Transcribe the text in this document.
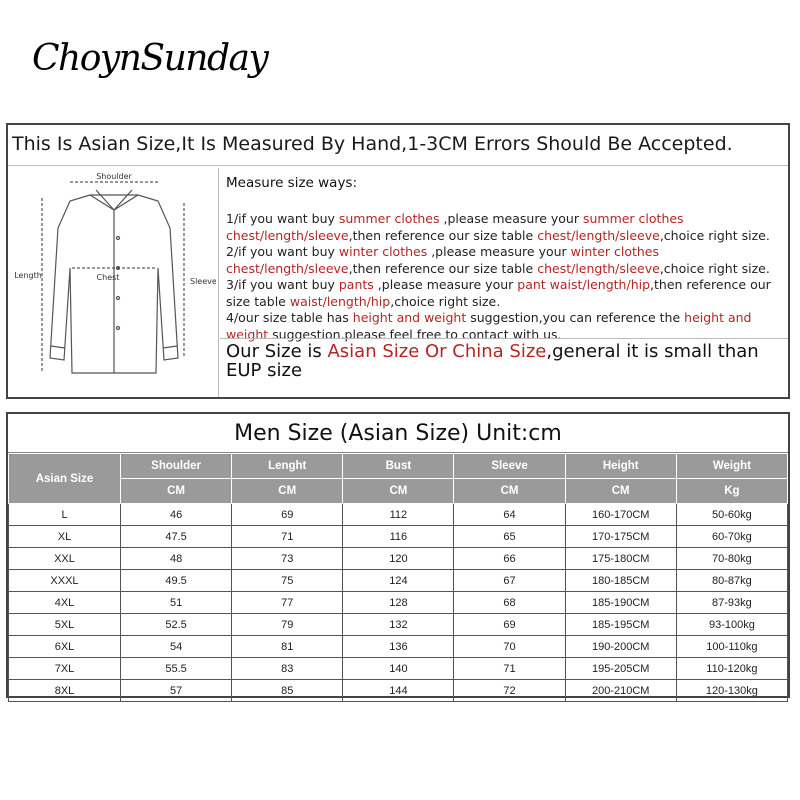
ChoynSunday
This Is Asian Size,It Is Measured By Hand,1-3CM Errors Should Be Accepted.
Shoulder
Length	Chest	Sleeve
Measure size ways:

1/if you want buy summer clothes ,please measure your summer clothes chest/length/sleeve,then reference our size table chest/length/sleeve,choice right size.

2/if you want buy winter clothes ,please measure your winter clothes chest/length/sleeve,then reference our size table chest/length/sleeve,choice right size.

3/if you want buy pants ,please measure your pant waist/length/hip,then reference our size table waist/length/hip,choice right size.

4/our size table has height and weight suggestion,you can reference the height and weight suggestion.please feel free to contact with us.

Our Size is Asian Size Or China Size,general it is small than EUP size
Men Size (Asian Size) Unit:cm
Asian Size	Shoulder	Lenght	Bust	Sleeve	Height	Weight
	CM	CM	CM	CM	CM	Kg
L	46	69	112	64	160-170CM	50-60kg
XL	47.5	71	116	65	170-175CM	60-70kg
XXL	48	73	120	66	175-180CM	70-80kg
XXXL	49.5	75	124	67	180-185CM	80-87kg
4XL	51	77	128	68	185-190CM	87-93kg
5XL	52.5	79	132	69	185-195CM	93-100kg
6XL	54	81	136	70	190-200CM	100-110kg
7XL	55.5	83	140	71	195-205CM	110-120kg
8XL	57	85	144	72	200-210CM	120-130kg
